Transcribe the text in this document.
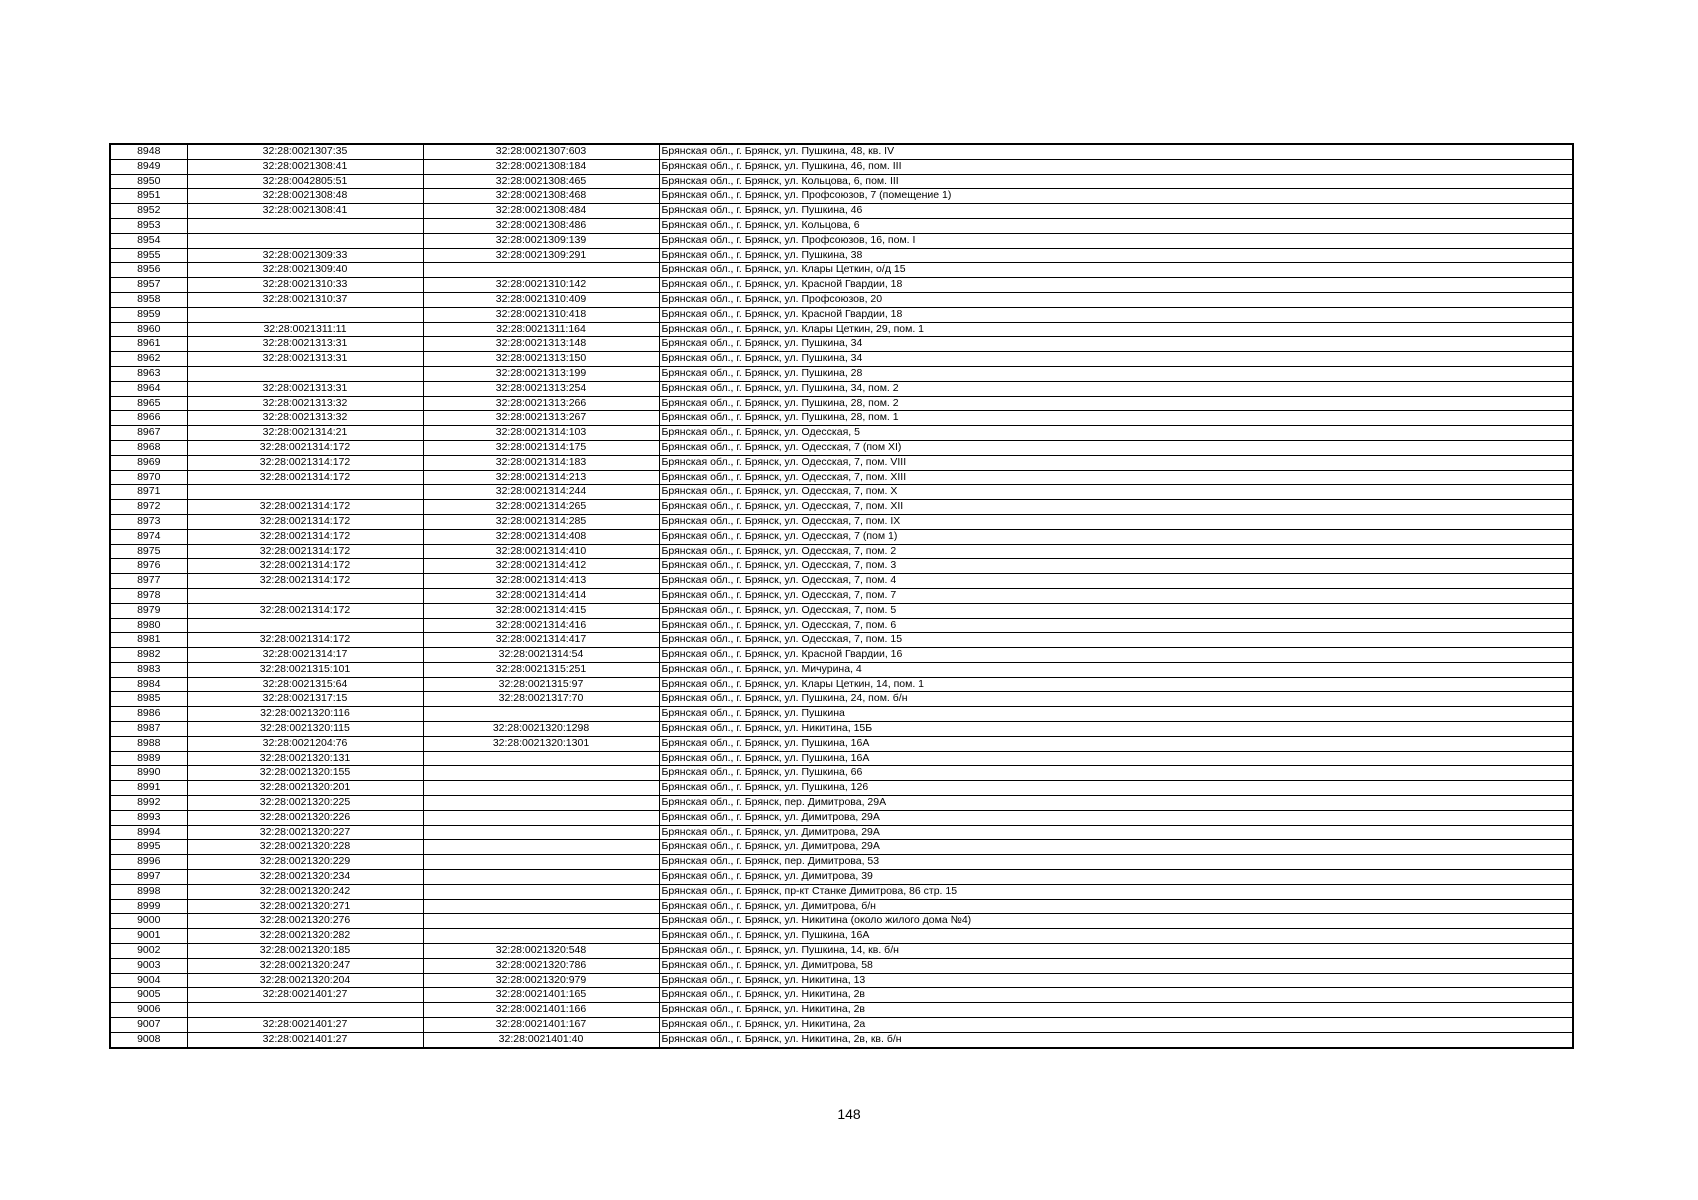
8948	32:28:0021307:35	32:28:0021307:603	Брянская обл., г. Брянск, ул. Пушкина, 48, кв. IV
8949	32:28:0021308:41	32:28:0021308:184	Брянская обл., г. Брянск, ул. Пушкина, 46, пом. III
8950	32:28:0042805:51	32:28:0021308:465	Брянская обл., г. Брянск, ул. Кольцова, 6, пом. III
8951	32:28:0021308:48	32:28:0021308:468	Брянская обл., г. Брянск, ул. Профсоюзов, 7 (помещение 1)
8952	32:28:0021308:41	32:28:0021308:484	Брянская обл., г. Брянск, ул. Пушкина, 46
8953		32:28:0021308:486	Брянская обл., г. Брянск, ул. Кольцова, 6
8954		32:28:0021309:139	Брянская обл., г. Брянск, ул. Профсоюзов, 16, пом. I
8955	32:28:0021309:33	32:28:0021309:291	Брянская обл., г. Брянск, ул. Пушкина, 38
8956	32:28:0021309:40		Брянская обл., г. Брянск, ул. Клары Цеткин, о/д 15
8957	32:28:0021310:33	32:28:0021310:142	Брянская обл., г. Брянск, ул. Красной Гвардии, 18
8958	32:28:0021310:37	32:28:0021310:409	Брянская обл., г. Брянск, ул. Профсоюзов, 20
8959		32:28:0021310:418	Брянская обл., г. Брянск, ул. Красной Гвардии, 18
8960	32:28:0021311:11	32:28:0021311:164	Брянская обл., г. Брянск, ул. Клары Цеткин, 29, пом. 1
8961	32:28:0021313:31	32:28:0021313:148	Брянская обл., г. Брянск, ул. Пушкина, 34
8962	32:28:0021313:31	32:28:0021313:150	Брянская обл., г. Брянск, ул. Пушкина, 34
8963		32:28:0021313:199	Брянская обл., г. Брянск, ул. Пушкина, 28
8964	32:28:0021313:31	32:28:0021313:254	Брянская обл., г. Брянск, ул. Пушкина, 34, пом. 2
8965	32:28:0021313:32	32:28:0021313:266	Брянская обл., г. Брянск, ул. Пушкина, 28, пом. 2
8966	32:28:0021313:32	32:28:0021313:267	Брянская обл., г. Брянск, ул. Пушкина, 28, пом. 1
8967	32:28:0021314:21	32:28:0021314:103	Брянская обл., г. Брянск, ул. Одесская, 5
8968	32:28:0021314:172	32:28:0021314:175	Брянская обл., г. Брянск, ул. Одесская, 7 (пом XI)
8969	32:28:0021314:172	32:28:0021314:183	Брянская обл., г. Брянск, ул. Одесская, 7, пом. VIII
8970	32:28:0021314:172	32:28:0021314:213	Брянская обл., г. Брянск, ул. Одесская, 7, пом. XIII
8971		32:28:0021314:244	Брянская обл., г. Брянск, ул. Одесская, 7, пом. X
8972	32:28:0021314:172	32:28:0021314:265	Брянская обл., г. Брянск, ул. Одесская, 7, пом. XII
8973	32:28:0021314:172	32:28:0021314:285	Брянская обл., г. Брянск, ул. Одесская, 7, пом. IX
8974	32:28:0021314:172	32:28:0021314:408	Брянская обл., г. Брянск, ул. Одесская, 7 (пом 1)
8975	32:28:0021314:172	32:28:0021314:410	Брянская обл., г. Брянск, ул. Одесская, 7, пом. 2
8976	32:28:0021314:172	32:28:0021314:412	Брянская обл., г. Брянск, ул. Одесская, 7, пом. 3
8977	32:28:0021314:172	32:28:0021314:413	Брянская обл., г. Брянск, ул. Одесская, 7, пом. 4
8978		32:28:0021314:414	Брянская обл., г. Брянск, ул. Одесская, 7, пом. 7
8979	32:28:0021314:172	32:28:0021314:415	Брянская обл., г. Брянск, ул. Одесская, 7, пом. 5
8980		32:28:0021314:416	Брянская обл., г. Брянск, ул. Одесская, 7, пом. 6
8981	32:28:0021314:172	32:28:0021314:417	Брянская обл., г. Брянск, ул. Одесская, 7, пом. 15
8982	32:28:0021314:17	32:28:0021314:54	Брянская обл., г. Брянск, ул. Красной Гвардии, 16
8983	32:28:0021315:101	32:28:0021315:251	Брянская обл., г. Брянск, ул. Мичурина, 4
8984	32:28:0021315:64	32:28:0021315:97	Брянская обл., г. Брянск, ул. Клары Цеткин, 14, пом. 1
8985	32:28:0021317:15	32:28:0021317:70	Брянская обл., г. Брянск, ул. Пушкина, 24, пом. б/н
8986	32:28:0021320:116		Брянская обл., г. Брянск, ул. Пушкина
8987	32:28:0021320:115	32:28:0021320:1298	Брянская обл., г. Брянск, ул. Никитина, 15Б
8988	32:28:0021204:76	32:28:0021320:1301	Брянская обл., г. Брянск, ул. Пушкина, 16А
8989	32:28:0021320:131		Брянская обл., г. Брянск, ул. Пушкина, 16А
8990	32:28:0021320:155		Брянская обл., г. Брянск, ул. Пушкина, 66
8991	32:28:0021320:201		Брянская обл., г. Брянск, ул. Пушкина, 126
8992	32:28:0021320:225		Брянская обл., г. Брянск, пер. Димитрова, 29А
8993	32:28:0021320:226		Брянская обл., г. Брянск, ул. Димитрова, 29А
8994	32:28:0021320:227		Брянская обл., г. Брянск, ул. Димитрова, 29А
8995	32:28:0021320:228		Брянская обл., г. Брянск, ул. Димитрова, 29А
8996	32:28:0021320:229		Брянская обл., г. Брянск, пер. Димитрова, 53
8997	32:28:0021320:234		Брянская обл., г. Брянск, ул. Димитрова, 39
8998	32:28:0021320:242		Брянская обл., г. Брянск, пр-кт Станке Димитрова, 86 стр. 15
8999	32:28:0021320:271		Брянская обл., г. Брянск, ул. Димитрова, б/н
9000	32:28:0021320:276		Брянская обл., г. Брянск, ул. Никитина (около жилого дома №4)
9001	32:28:0021320:282		Брянская обл., г. Брянск, ул. Пушкина, 16А
9002	32:28:0021320:185	32:28:0021320:548	Брянская обл., г. Брянск, ул. Пушкина, 14, кв. б/н
9003	32:28:0021320:247	32:28:0021320:786	Брянская обл., г. Брянск, ул. Димитрова, 58
9004	32:28:0021320:204	32:28:0021320:979	Брянская обл., г. Брянск, ул. Никитина, 13
9005	32:28:0021401:27	32:28:0021401:165	Брянская обл., г. Брянск, ул. Никитина, 2в
9006		32:28:0021401:166	Брянская обл., г. Брянск, ул. Никитина, 2в
9007	32:28:0021401:27	32:28:0021401:167	Брянская обл., г. Брянск, ул. Никитина, 2а
9008	32:28:0021401:27	32:28:0021401:40	Брянская обл., г. Брянск, ул. Никитина, 2в, кв. б/н
148
